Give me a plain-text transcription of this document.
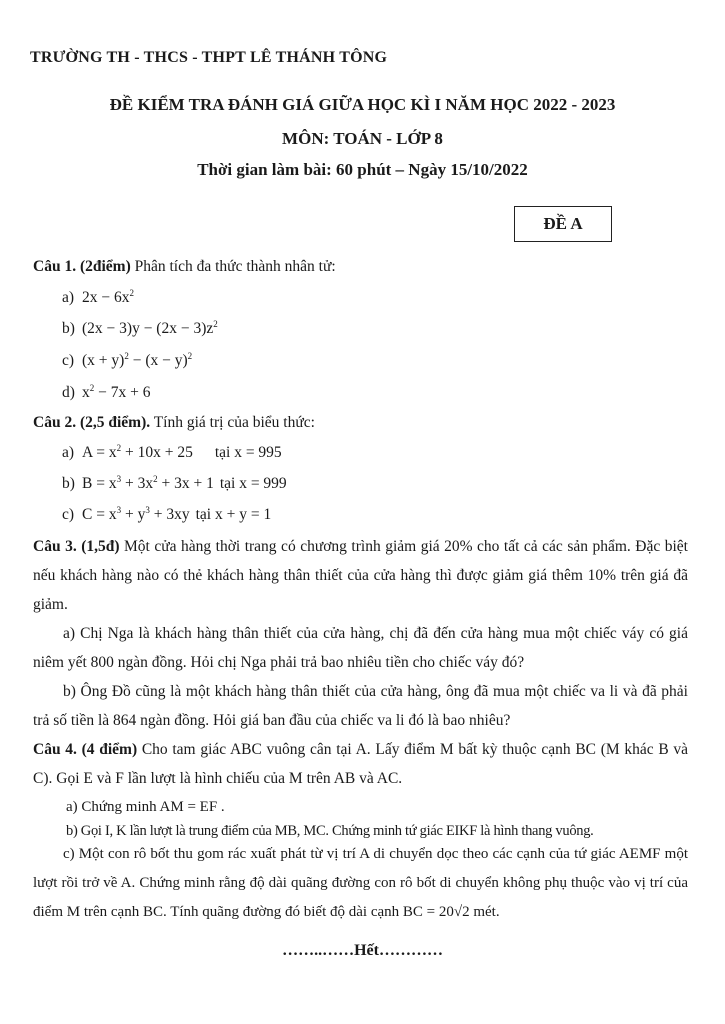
TRƯỜNG TH - THCS - THPT LÊ THÁNH TÔNG
ĐỀ KIỂM TRA ĐÁNH GIÁ GIỮA HỌC KÌ I NĂM HỌC 2022 - 2023
MÔN: TOÁN - LỚP 8
Thời gian làm bài: 60 phút – Ngày 15/10/2022
ĐỀ A
Câu 1. (2điểm) Phân tích đa thức thành nhân tử:
a) $2x - 6x^2$
b) $(2x - 3)y - (2x - 3)z^2$
c) $(x + y)^2 - (x - y)^2$
d) $x^2 - 7x + 6$
Câu 2. (2,5 điểm). Tính giá trị của biểu thức:
a) $A = x^2 + 10x + 25$ tại x = 995
b) $B = x^3 + 3x^2 + 3x + 1$ tại x = 999
c) $C = x^3 + y^3 + 3xy$ tại x + y = 1
Câu 3. (1,5đ) Một cửa hàng thời trang có chương trình giảm giá 20% cho tất cả các sản phẩm. Đặc biệt nếu khách hàng nào có thẻ khách hàng thân thiết của cửa hàng thì được giảm giá thêm 10% trên giá đã giảm.
a) Chị Nga là khách hàng thân thiết của cửa hàng, chị đã đến cửa hàng mua một chiếc váy có giá niêm yết 800 ngàn đồng. Hỏi chị Nga phải trả bao nhiêu tiền cho chiếc váy đó?
b) Ông Đồ cũng là một khách hàng thân thiết của cửa hàng, ông đã mua một chiếc va li và đã phải trả số tiền là 864 ngàn đồng. Hỏi giá ban đầu của chiếc va li đó là bao nhiêu?
Câu 4. (4 điểm) Cho tam giác ABC vuông cân tại A. Lấy điểm M bất kỳ thuộc cạnh BC (M khác B và C). Gọi E và F lần lượt là hình chiếu của M trên AB và AC.
a) Chứng minh AM = EF .
b) Gọi I, K lần lượt là trung điểm của MB, MC. Chứng minh tứ giác EIKF là hình thang vuông.
c) Một con rô bốt thu gom rác xuất phát từ vị trí A di chuyển dọc theo các cạnh của tứ giác AEMF một lượt rồi trở về A. Chứng minh rằng độ dài quãng đường con rô bốt di chuyển không phụ thuộc vào vị trí của điểm M trên cạnh BC. Tính quãng đường đó biết độ dài cạnh BC = 20√2 mét.
……..……Hết…………
